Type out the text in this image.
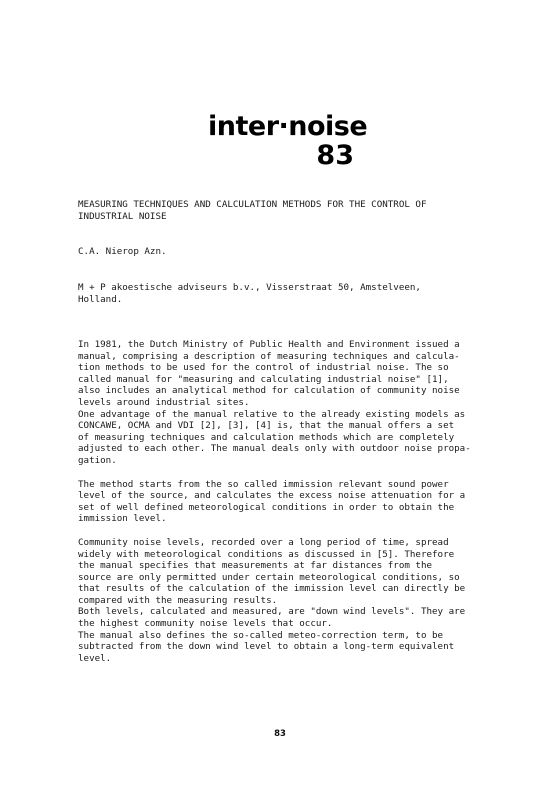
inter·noise
83
MEASURING TECHNIQUES AND CALCULATION METHODS FOR THE CONTROL OF
INDUSTRIAL NOISE
C.A. Nierop Azn.
M + P akoestische adviseurs b.v., Visserstraat 50, Amstelveen,
Holland.

In 1981, the Dutch Ministry of Public Health and Environment issued a
manual, comprising a description of measuring techniques and calcula-
tion methods to be used for the control of industrial noise. The so
called manual for "measuring and calculating industrial noise" [1],
also includes an analytical method for calculation of community noise
levels around industrial sites.
One advantage of the manual relative to the already existing models as
CONCAWE, OCMA and VDI [2], [3], [4] is, that the manual offers a set
of measuring techniques and calculation methods which are completely
adjusted to each other. The manual deals only with outdoor noise propa-
gation.

The method starts from the so called immission relevant sound power
level of the source, and calculates the excess noise attenuation for a
set of well defined meteorological conditions in order to obtain the
immission level.

Community noise levels, recorded over a long period of time, spread
widely with meteorological conditions as discussed in [5]. Therefore
the manual specifies that measurements at far distances from the
source are only permitted under certain meteorological conditions, so
that results of the calculation of the immission level can directly be
compared with the measuring results.
Both levels, calculated and measured, are "down wind levels". They are
the highest community noise levels that occur.
The manual also defines the so-called meteo-correction term, to be
subtracted from the down wind level to obtain a long-term equivalent
level.

83
